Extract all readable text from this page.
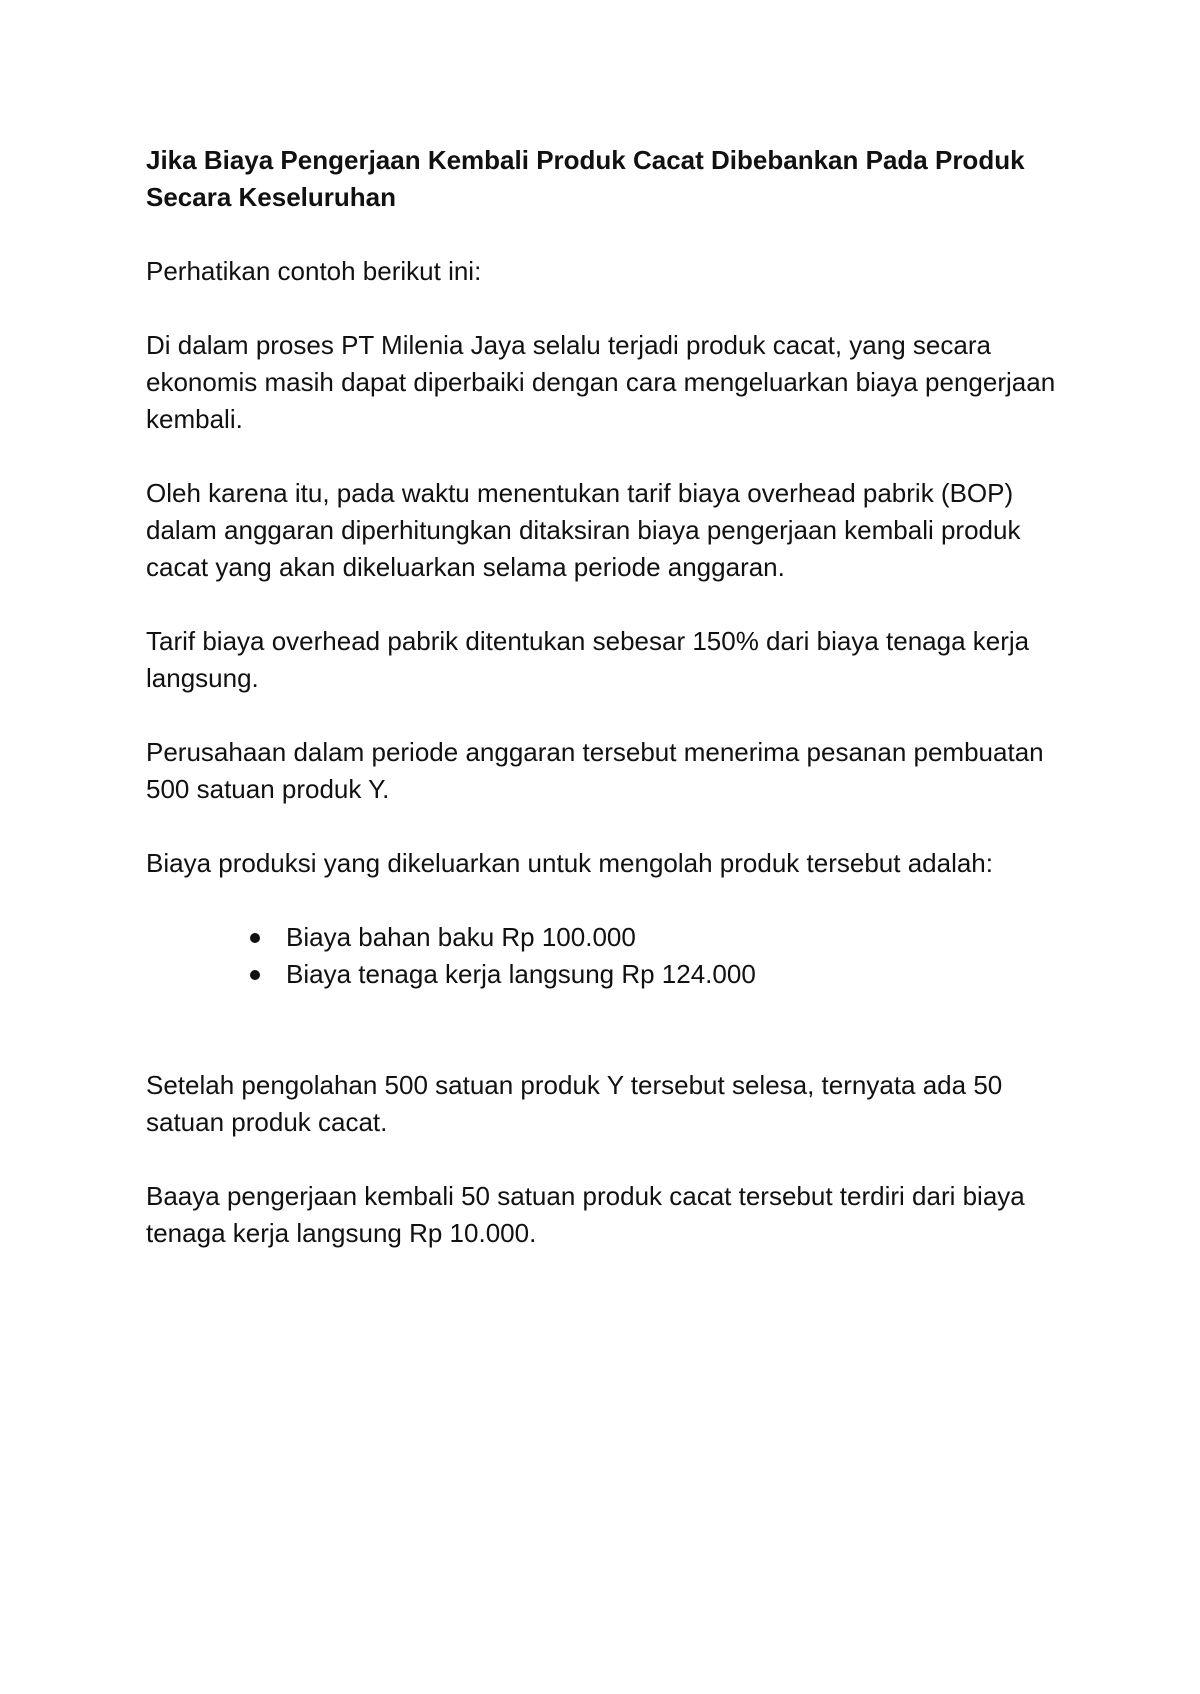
Jika Biaya Pengerjaan Kembali Produk Cacat Dibebankan Pada Produk Secara Keseluruhan

Perhatikan contoh berikut ini:

Di dalam proses PT Milenia Jaya selalu terjadi produk cacat, yang secara ekonomis masih dapat diperbaiki dengan cara mengeluarkan biaya pengerjaan kembali.

Oleh karena itu, pada waktu menentukan tarif biaya overhead pabrik (BOP) dalam anggaran diperhitungkan ditaksiran biaya pengerjaan kembali produk cacat yang akan dikeluarkan selama periode anggaran.

Tarif biaya overhead pabrik ditentukan sebesar 150% dari biaya tenaga kerja langsung.

Perusahaan dalam periode anggaran tersebut menerima pesanan pembuatan 500 satuan produk Y.

Biaya produksi yang dikeluarkan untuk mengolah produk tersebut adalah:

Biaya bahan baku Rp 100.000
Biaya tenaga kerja langsung Rp 124.000

Setelah pengolahan 500 satuan produk Y tersebut selesa, ternyata ada 50 satuan produk cacat.

Baaya pengerjaan kembali 50 satuan produk cacat tersebut terdiri dari biaya tenaga kerja langsung Rp 10.000.
